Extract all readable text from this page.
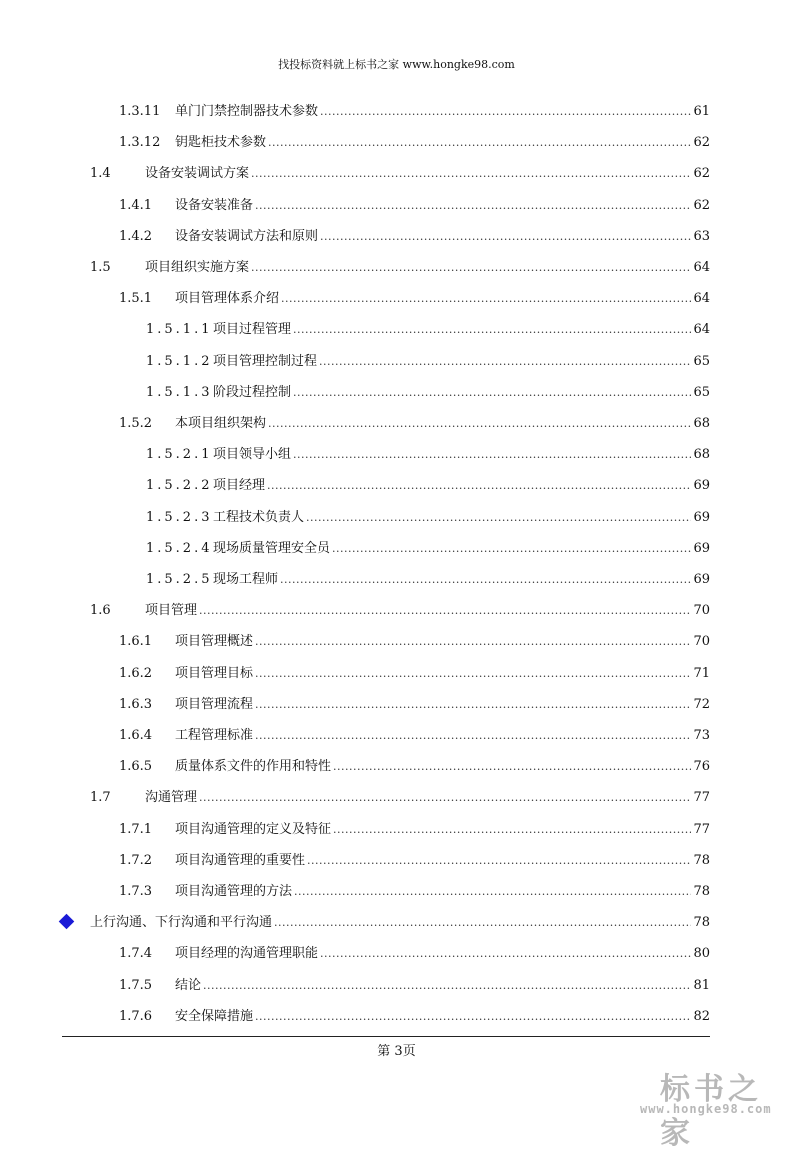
找投标资料就上标书之家 www.hongke98.com
1.3.11 单门门禁控制器技术参数 .....	61
1.3.12 钥匙柜技术参数 .....	62
1.4	设备安装调试方案 .....	62
1.4.1 设备安装准备 .....	62
1.4.2 设备安装调试方法和原则 .....	63
1.5	项目组织实施方案 .....	64
1.5.1 项目管理体系介绍 .....	64
1.5.1.1 项目过程管理 .....	64
1.5.1.2 项目管理控制过程 .....	65
1.5.1.3 阶段过程控制 .....	65
1.5.2 本项目组织架构 .....	68
1.5.2.1 项目领导小组 .....	68
1.5.2.2 项目经理 .....	69
1.5.2.3 工程技术负责人 .....	69
1.5.2.4 现场质量管理安全员 .....	69
1.5.2.5 现场工程师 .....	69
1.6	项目管理 .....	70
1.6.1 项目管理概述 .....	70
1.6.2 项目管理目标 .....	71
1.6.3 项目管理流程 .....	72
1.6.4 工程管理标准 .....	73
1.6.5 质量体系文件的作用和特性 .....	76
1.7	沟通管理 .....	77
1.7.1 项目沟通管理的定义及特征 .....	77
1.7.2 项目沟通管理的重要性 .....	78
1.7.3 项目沟通管理的方法 .....	78
上行沟通、下行沟通和平行沟通 .....	78
1.7.4 项目经理的沟通管理职能 .....	80
1.7.5 结论 .....	81
1.7.6 安全保障措施 .....	82
第 3页
标书之家
www.hongke98.com
